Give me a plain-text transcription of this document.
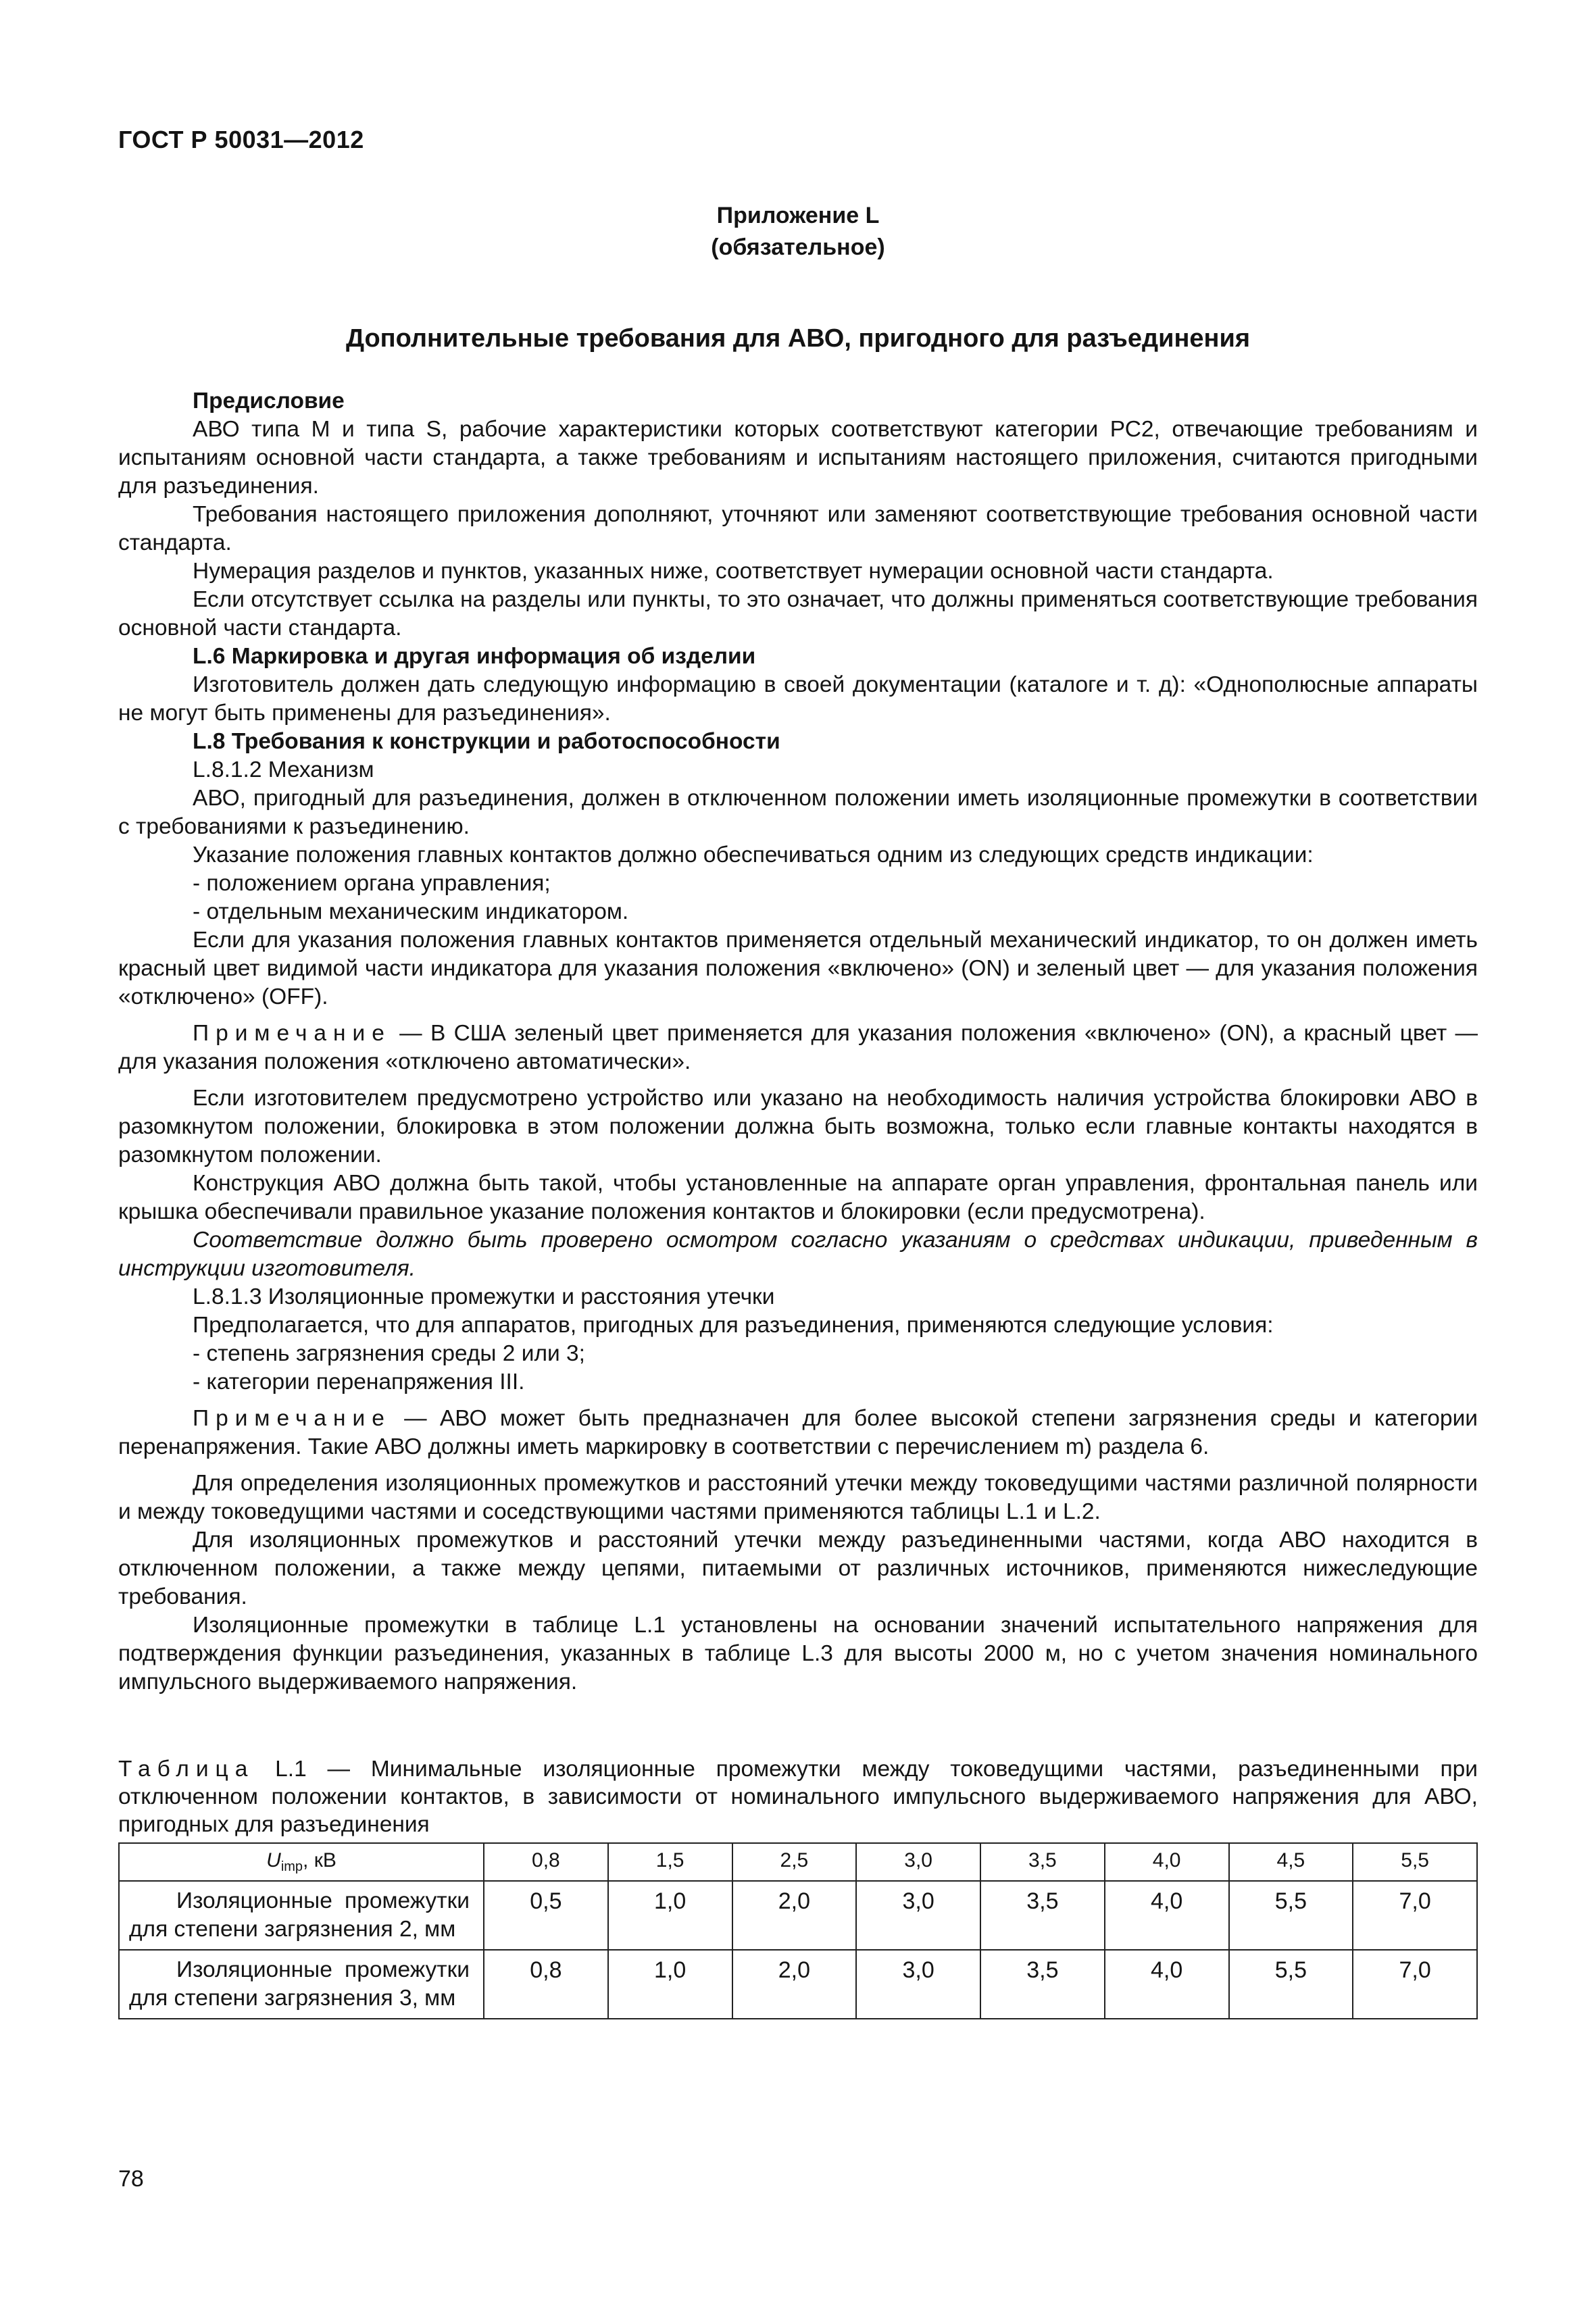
ГОСТ Р 50031—2012
Приложение L
(обязательное)
Дополнительные требования для АВО, пригодного для разъединения

Предисловие

АВО типа М и типа S, рабочие характеристики которых соответствуют категории РС2, отвечающие требованиям и испытаниям основной части стандарта, а также требованиям и испытаниям настоящего приложения, считаются пригодными для разъединения.

Требования настоящего приложения дополняют, уточняют или заменяют соответствующие требования основной части стандарта.

Нумерация разделов и пунктов, указанных ниже, соответствует нумерации основной части стандарта.

Если отсутствует ссылка на разделы или пункты, то это означает, что должны применяться соответствующие требования основной части стандарта.

L.6 Маркировка и другая информация об изделии

Изготовитель должен дать следующую информацию в своей документации (каталоге и т. д): «Однополюсные аппараты не могут быть применены для разъединения».

L.8 Требования к конструкции и работоспособности

L.8.1.2 Механизм

АВО, пригодный для разъединения, должен в отключенном положении иметь изоляционные промежутки в соответствии с требованиями к разъединению.

Указание положения главных контактов должно обеспечиваться одним из следующих средств индикации:

- положением органа управления;

- отдельным механическим индикатором.

Если для указания положения главных контактов применяется отдельный механический индикатор, то он должен иметь красный цвет видимой части индикатора для указания положения «включено» (ON) и зеленый цвет — для указания положения «отключено» (OFF).

Примечание — В США зеленый цвет применяется для указания положения «включено» (ON), а красный цвет — для указания положения «отключено автоматически».

Если изготовителем предусмотрено устройство или указано на необходимость наличия устройства блокировки АВО в разомкнутом положении, блокировка в этом положении должна быть возможна, только если главные контакты находятся в разомкнутом положении.

Конструкция АВО должна быть такой, чтобы установленные на аппарате орган управления, фронтальная панель или крышка обеспечивали правильное указание положения контактов и блокировки (если предусмотрена).

Соответствие должно быть проверено осмотром согласно указаниям о средствах индикации, приведенным в инструкции изготовителя.

L.8.1.3 Изоляционные промежутки и расстояния утечки

Предполагается, что для аппаратов, пригодных для разъединения, применяются следующие условия:

- степень загрязнения среды 2 или 3;

- категории перенапряжения III.

Примечание — АВО может быть предназначен для более высокой степени загрязнения среды и категории перенапряжения. Такие АВО должны иметь маркировку в соответствии с перечислением m) раздела 6.

Для определения изоляционных промежутков и расстояний утечки между токоведущими частями различной полярности и между токоведущими частями и соседствующими частями применяются таблицы L.1 и L.2.

Для изоляционных промежутков и расстояний утечки между разъединенными частями, когда АВО находится в отключенном положении, а также между цепями, питаемыми от различных источников, применяются нижеследующие требования.

Изоляционные промежутки в таблице L.1 установлены на основании значений испытательного напряжения для подтверждения функции разъединения, указанных в таблице L.3 для высоты 2000 м, но с учетом значения номинального импульсного выдерживаемого напряжения.

Таблица L.1 — Минимальные изоляционные промежутки между токоведущими частями, разъединенными при отключенном положении контактов, в зависимости от номинального импульсного выдерживаемого напряжения для АВО, пригодных для разъединения
$U_{imp}$, кВ	0,8	1,5	2,5	3,0	3,5	4,0	4,5	5,5
Изоляционные промежутки для степени загрязнения 2, мм	0,5	1,0	2,0	3,0	3,5	4,0	5,5	7,0
Изоляционные промежутки для степени загрязнения 3, мм	0,8	1,0	2,0	3,0	3,5	4,0	5,5	7,0
78
